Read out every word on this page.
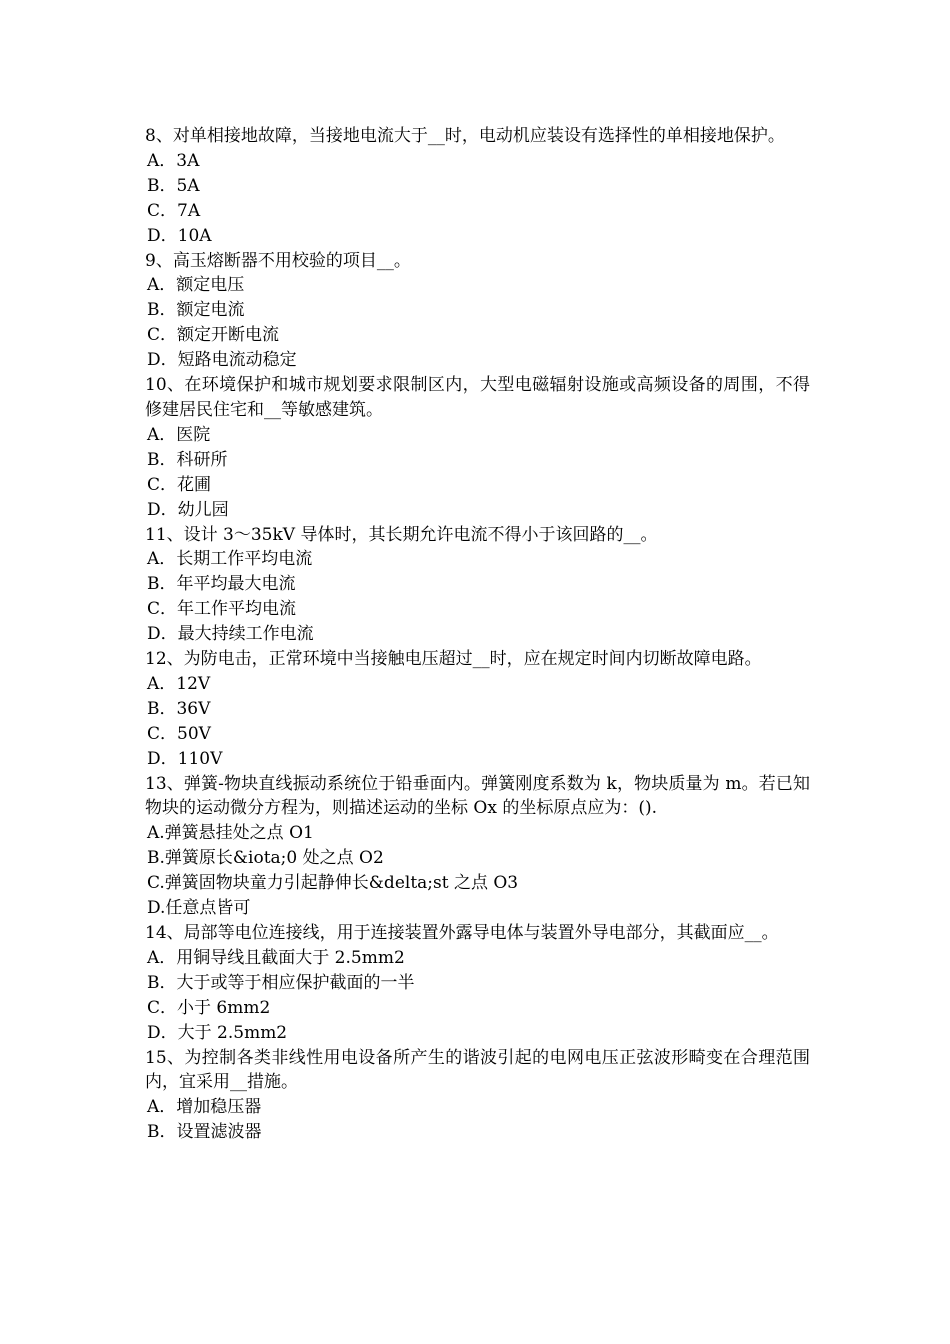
8、对单相接地故障，当接地电流大于__时，电动机应装设有选择性的单相接地保护。

A．3A
B．5A
C．7A
D．10A

9、高玉熔断器不用校验的项目__。

A．额定电压
B．额定电流
C．额定开断电流
D．短路电流动稳定

10、在环境保护和城市规划要求限制区内，大型电磁辐射设施或高频设备的周围，不得修建居民住宅和__等敏感建筑。

A．医院
B．科研所
C．花圃
D．幼儿园

11、设计 3～35kV 导体时，其长期允许电流不得小于该回路的__。

A．长期工作平均电流
B．年平均最大电流
C．年工作平均电流
D．最大持续工作电流

12、为防电击，正常环境中当接触电压超过__时，应在规定时间内切断故障电路。

A．12V
B．36V
C．50V
D．110V

13、弹簧-物块直线振动系统位于铅垂面内。弹簧刚度系数为 k，物块质量为 m。若已知物块的运动微分方程为，则描述运动的坐标 Ox 的坐标原点应为：().

A.弹簧悬挂处之点 O1
B.弹簧原长&iota;0 处之点 O2
C.弹簧固物块童力引起静伸长&delta;st 之点 O3
D.任意点皆可

14、局部等电位连接线，用于连接装置外露导电体与装置外导电部分，其截面应__。

A．用铜导线且截面大于 2.5mm2
B．大于或等于相应保护截面的一半
C．小于 6mm2
D．大于 2.5mm2

15、为控制各类非线性用电设备所产生的谐波引起的电网电压正弦波形畸变在合理范围内，宜采用__措施。

A．增加稳压器
B．设置滤波器
